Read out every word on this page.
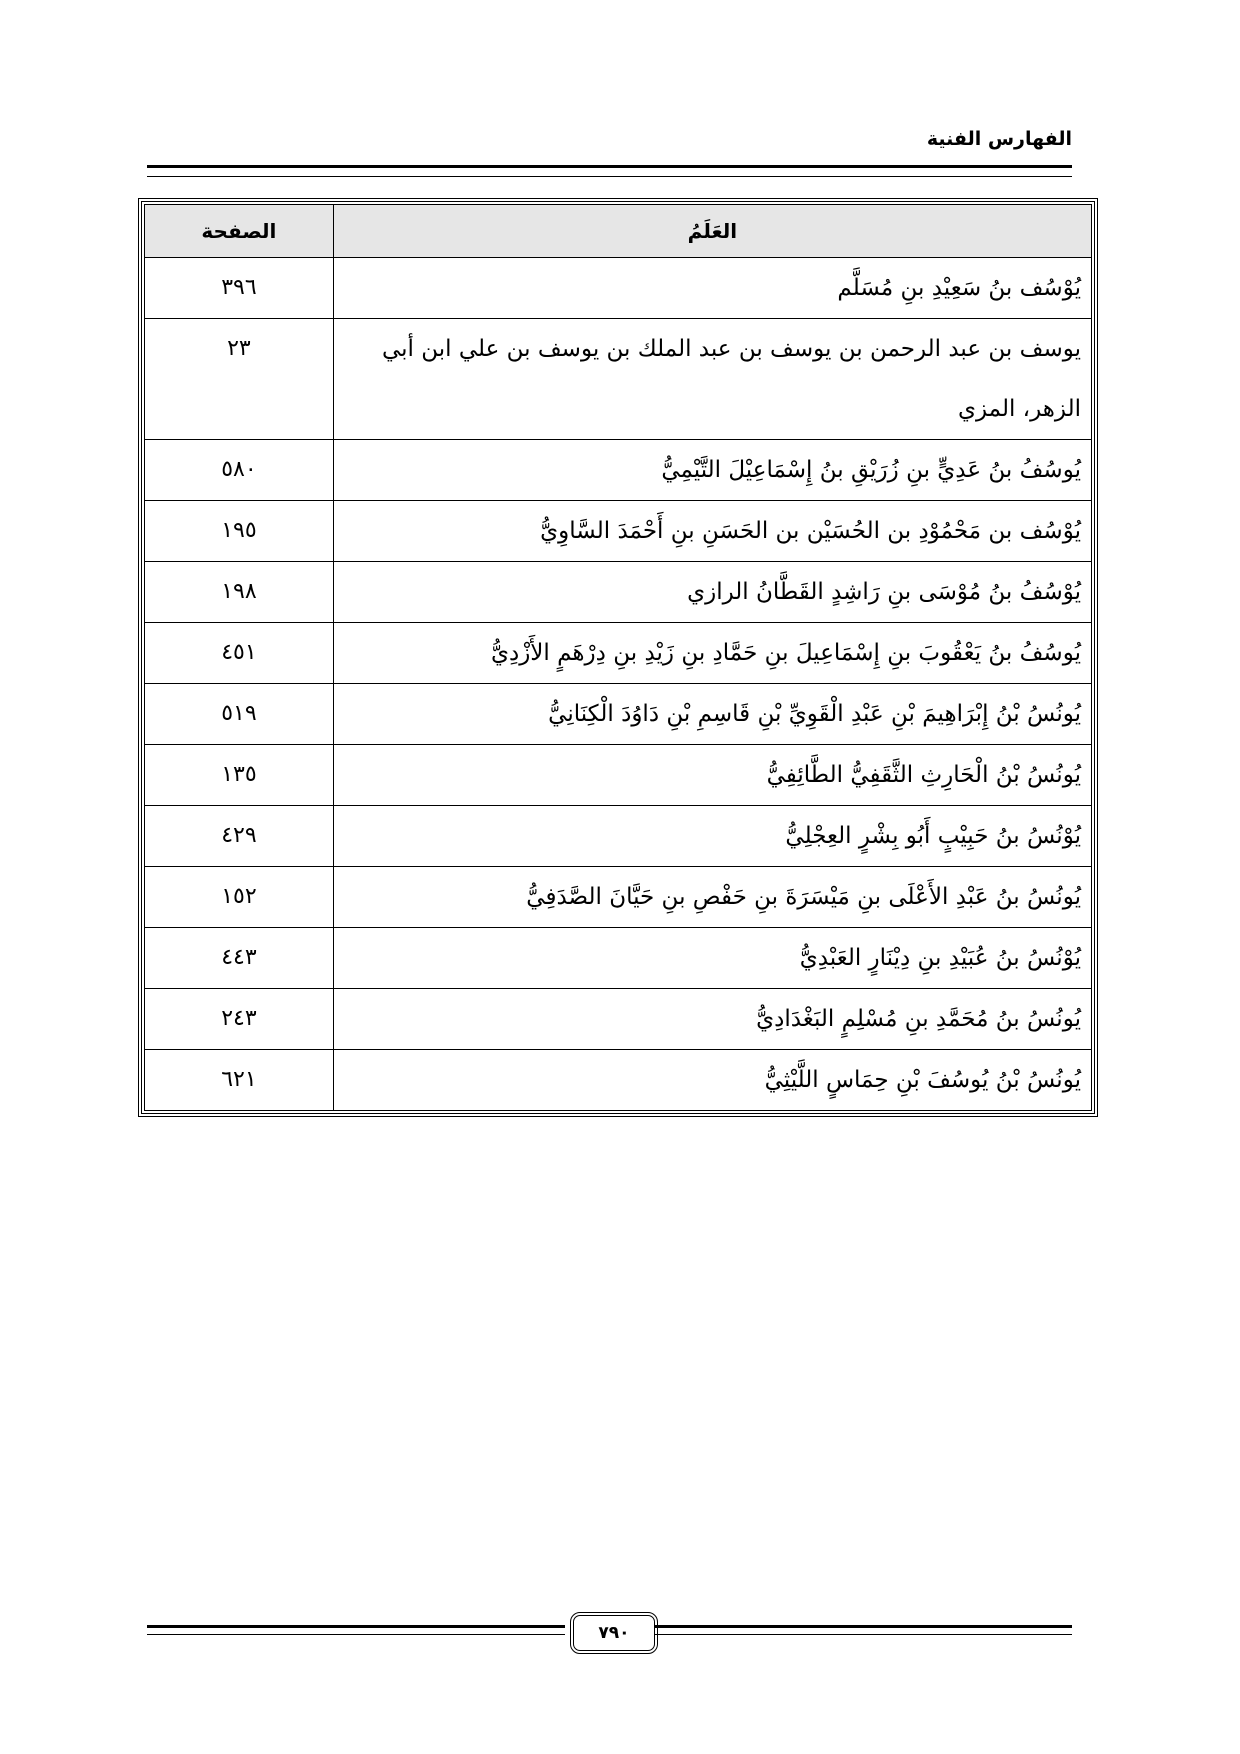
الفهارس الفنية
العَلَمُ	الصفحة
يُوْسُف بنُ سَعِيْدِ بنِ مُسَلَّم	٣٩٦
يوسف بن عبد الرحمن بن يوسف بن عبد الملك بن يوسف بن علي ابن أبي الزهر، المزي	٢٣
يُوسُفُ بنُ عَدِيٍّ بنِ زُرَيْقِ بنُ إِسْمَاعِيْلَ التَّيْمِيُّ	٥٨٠
يُوْسُف بن مَحْمُوْدِ بن الحُسَيْن بن الحَسَنِ بنِ أَحْمَدَ السَّاوِيُّ	١٩٥
يُوْسُفُ بنُ مُوْسَى بنِ رَاشِدٍ القَطَّانُ الرازي	١٩٨
يُوسُفُ بنُ يَعْقُوبَ بنِ إِسْمَاعِيلَ بنِ حَمَّادِ بنِ زَيْدِ بنِ دِرْهَمٍ الأَزْدِيُّ	٤٥١
يُونُسُ بْنُ إِبْرَاهِيمَ بْنِ عَبْدِ الْقَوِيِّ بْنِ قَاسِمِ بْنِ دَاوُدَ الْكِنَانِيُّ	٥١٩
يُونُسُ بْنُ الْحَارِثِ الثَّقَفِيُّ الطَّائِفِيُّ	١٣٥
يُوْنُسُ بنُ حَبِيْبٍ أَبُو بِشْرٍ العِجْلِيُّ	٤٢٩
يُونُسُ بنُ عَبْدِ الأَعْلَى بنِ مَيْسَرَةَ بنِ حَفْصِ بنِ حَيَّانَ الصَّدَفِيُّ	١٥٢
يُوْنُسُ بنُ عُبَيْدِ بنِ دِيْنَارٍ العَبْدِيُّ	٤٤٣
يُونُسُ بنُ مُحَمَّدِ بنِ مُسْلِمٍ البَغْدَادِيُّ	٢٤٣
يُونُسُ بْنُ يُوسُفَ بْنِ حِمَاسٍ اللَّيْثِيُّ	٦٢١
٧٩٠
